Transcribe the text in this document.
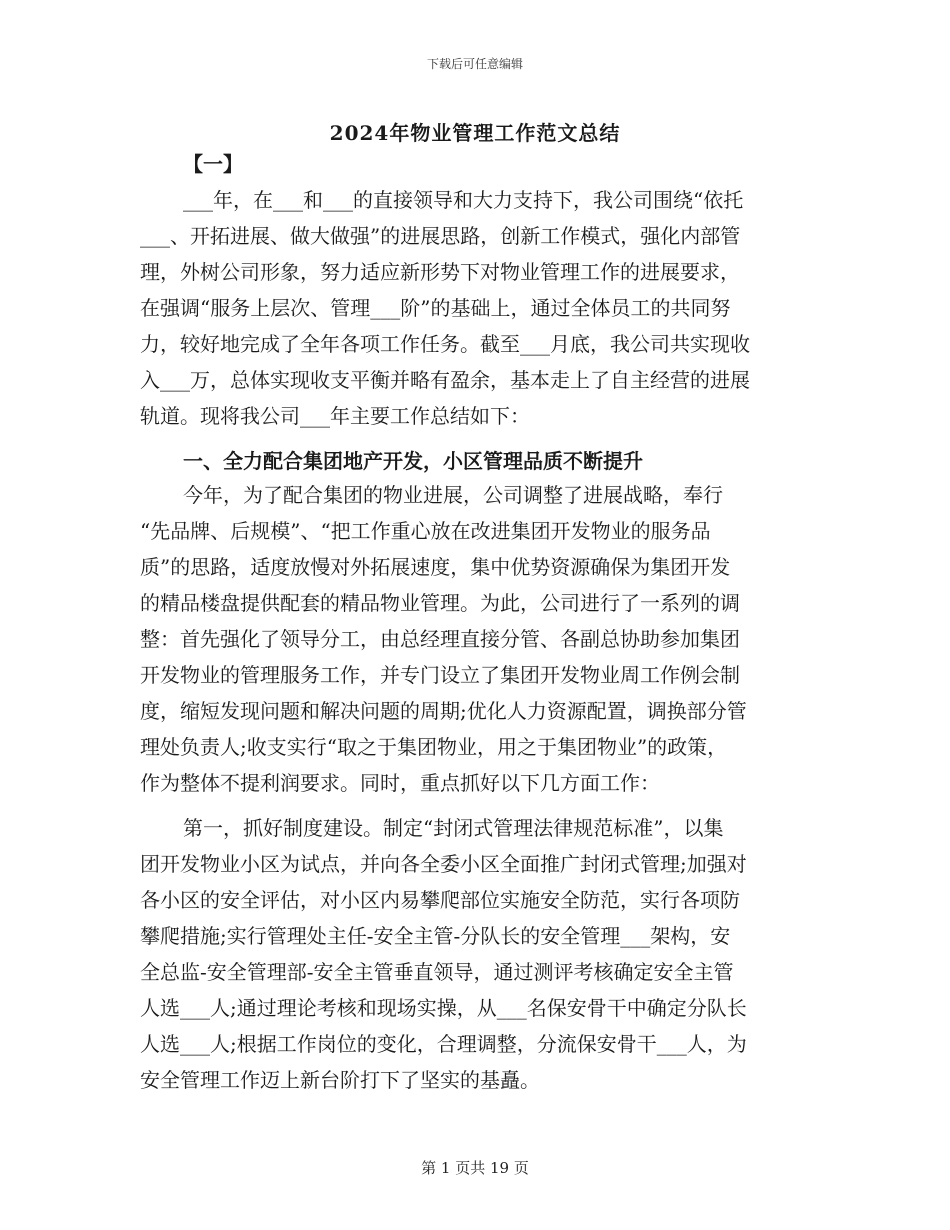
下载后可任意编辑
2024年物业管理工作范文总结
【一】
___年，在___和___的直接领导和大力支持下，我公司围绕“依托
___、开拓进展、做大做强”的进展思路，创新工作模式，强化内部管
理，外树公司形象，努力适应新形势下对物业管理工作的进展要求，
在强调“服务上层次、管理___阶”的基础上，通过全体员工的共同努
力，较好地完成了全年各项工作任务。截至___月底，我公司共实现收
入___万，总体实现收支平衡并略有盈余，基本走上了自主经营的进展
轨道。现将我公司___年主要工作总结如下：
一、全力配合集团地产开发，小区管理品质不断提升
今年，为了配合集团的物业进展，公司调整了进展战略，奉行
“先品牌、后规模”、“把工作重心放在改进集团开发物业的服务品
质”的思路，适度放慢对外拓展速度，集中优势资源确保为集团开发
的精品楼盘提供配套的精品物业管理。为此，公司进行了一系列的调
整：首先强化了领导分工，由总经理直接分管、各副总协助参加集团
开发物业的管理服务工作，并专门设立了集团开发物业周工作例会制
度，缩短发现问题和解决问题的周期;优化人力资源配置，调换部分管
理处负责人;收支实行“取之于集团物业，用之于集团物业”的政策，
作为整体不提利润要求。同时，重点抓好以下几方面工作：
第一，抓好制度建设。制定“封闭式管理法律规范标准”，以集
团开发物业小区为试点，并向各全委小区全面推广封闭式管理;加强对
各小区的安全评估，对小区内易攀爬部位实施安全防范，实行各项防
攀爬措施;实行管理处主任-安全主管-分队长的安全管理___架构，安
全总监-安全管理部-安全主管垂直领导，通过测评考核确定安全主管
人选___人;通过理论考核和现场实操，从___名保安骨干中确定分队长
人选___人;根据工作岗位的变化，合理调整，分流保安骨干___人，为
安全管理工作迈上新台阶打下了坚实的基矗。
第 1 页共 19 页
